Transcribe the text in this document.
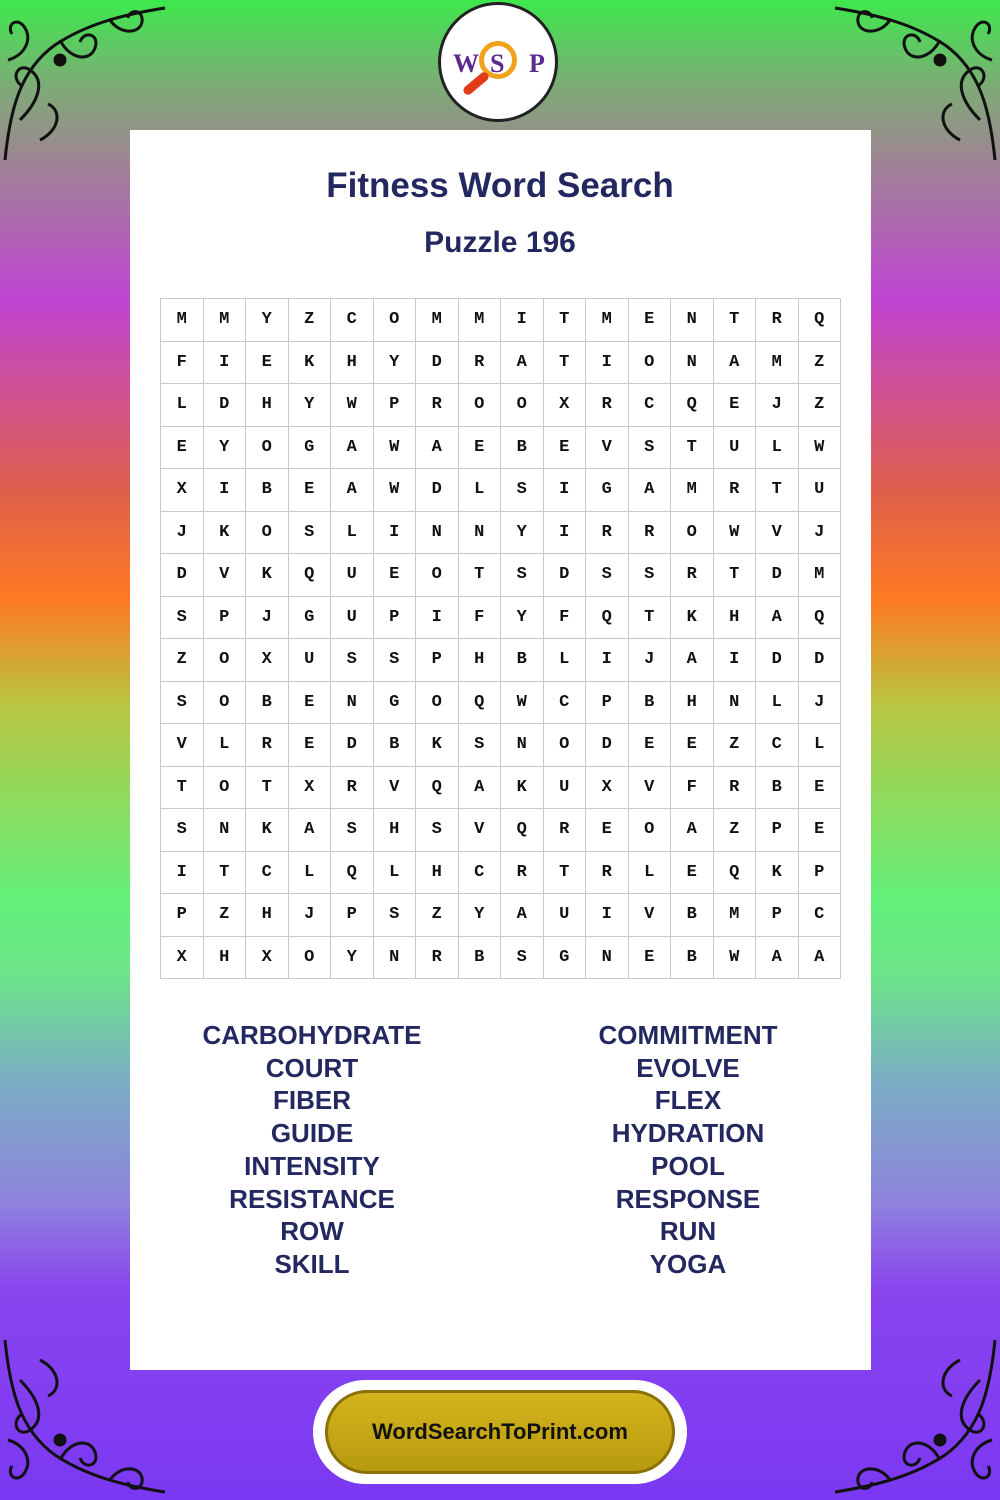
W S P
Fitness Word Search
Puzzle 196
M	M	Y	Z	C	O	M	M	I	T	M	E	N	T	R	Q
F	I	E	K	H	Y	D	R	A	T	I	O	N	A	M	Z
L	D	H	Y	W	P	R	O	O	X	R	C	Q	E	J	Z
E	Y	O	G	A	W	A	E	B	E	V	S	T	U	L	W
X	I	B	E	A	W	D	L	S	I	G	A	M	R	T	U
J	K	O	S	L	I	N	N	Y	I	R	R	O	W	V	J
D	V	K	Q	U	E	O	T	S	D	S	S	R	T	D	M
S	P	J	G	U	P	I	F	Y	F	Q	T	K	H	A	Q
Z	O	X	U	S	S	P	H	B	L	I	J	A	I	D	D
S	O	B	E	N	G	O	Q	W	C	P	B	H	N	L	J
V	L	R	E	D	B	K	S	N	O	D	E	E	Z	C	L
T	O	T	X	R	V	Q	A	K	U	X	V	F	R	B	E
S	N	K	A	S	H	S	V	Q	R	E	O	A	Z	P	E
I	T	C	L	Q	L	H	C	R	T	R	L	E	Q	K	P
P	Z	H	J	P	S	Z	Y	A	U	I	V	B	M	P	C
X	H	X	O	Y	N	R	B	S	G	N	E	B	W	A	A
CARBOHYDRATE
COURT
FIBER
GUIDE
INTENSITY
RESISTANCE
ROW
SKILL
COMMITMENT
EVOLVE
FLEX
HYDRATION
POOL
RESPONSE
RUN
YOGA
WordSearchToPrint.com
